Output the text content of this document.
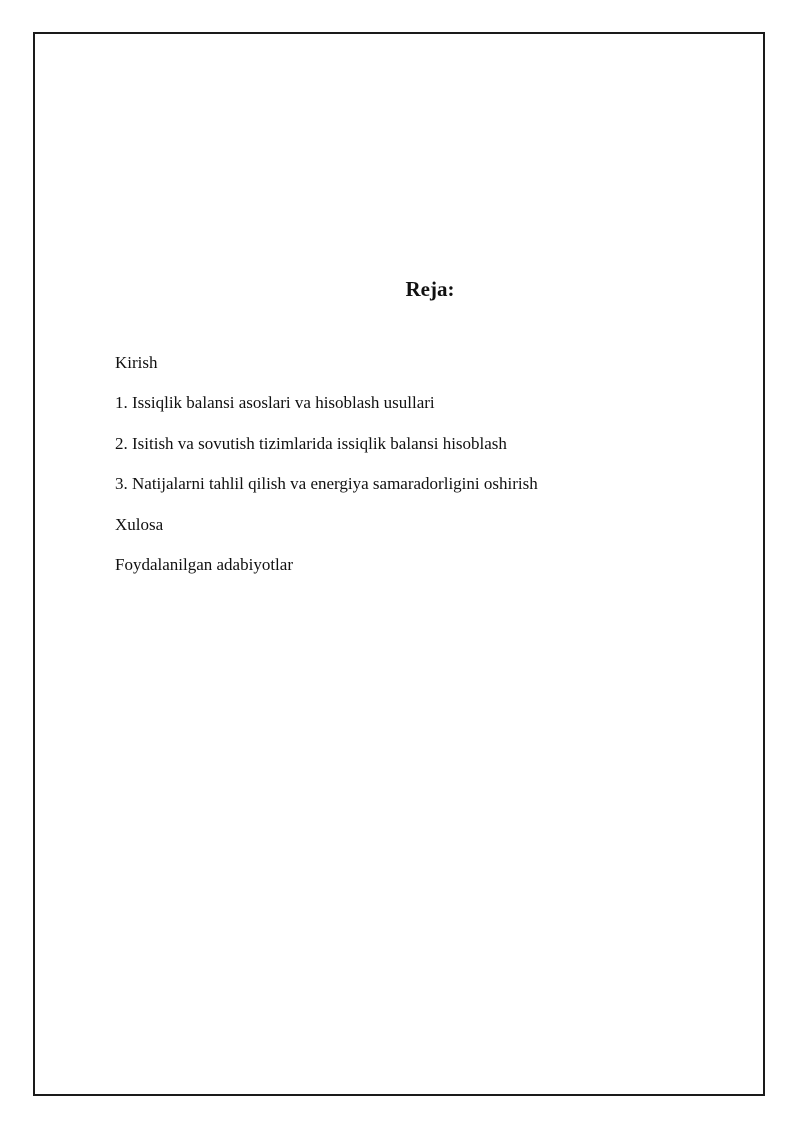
Reja:
Kirish
1. Issiqlik balansi asoslari va hisoblash usullari
2. Isitish va sovutish tizimlarida issiqlik balansi hisoblash
3. Natijalarni tahlil qilish va energiya samaradorligini oshirish
Xulosa
Foydalanilgan adabiyotlar
